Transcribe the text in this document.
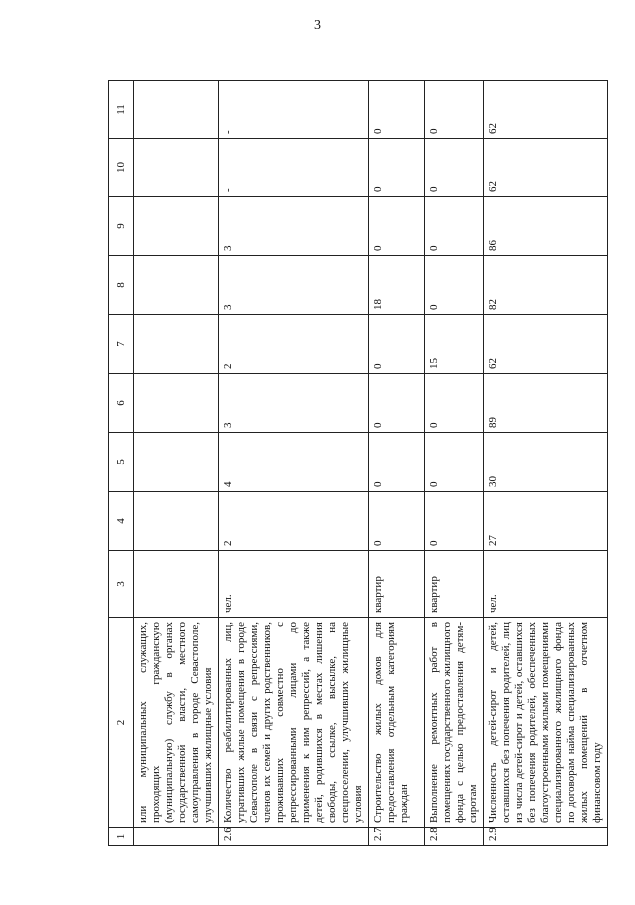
3
1	2	3	4	5	6	7	8	9	10	11
	или муниципальных служащих, проходящих гражданскую (муниципальную) службу в органах государственной власти, местного самоуправления в городе Севастополе, улучшивших жилищные условия									
2.6	Количество реабилитированных лиц, утративших жилые помещения в городе Севастополе в связи с репрессиями, членов их семей и других родственников, проживавших совместно с репрессированными лицами до применения к ним репрессий, а также детей, родившихся в местах лишения свободы, ссылке, высылке, на спецпоселении, улучшивших жилищные условия	чел.	2	4	3	2	3	3	-	-
2.7	Строительство жилых домов для предоставления отдельным категориям граждан	квартир	0	0	0	0	18	0	0	0
2.8	Выполнение ремонтных работ в помещениях государственного жилищного фонда с целью предоставления детям-сиротам	квартир	0	0	0	15	0	0	0	0
2.9	Численность детей-сирот и детей, оставшихся без попечения родителей, лиц из числа детей-сирот и детей, оставшихся без попечения родителей, обеспеченных благоустроенными жилыми помещениями специализированного жилищного фонда по договорам найма специализированных жилых помещений в отчетном финансовом году	чел.	27	30	89	62	82	86	62	62
